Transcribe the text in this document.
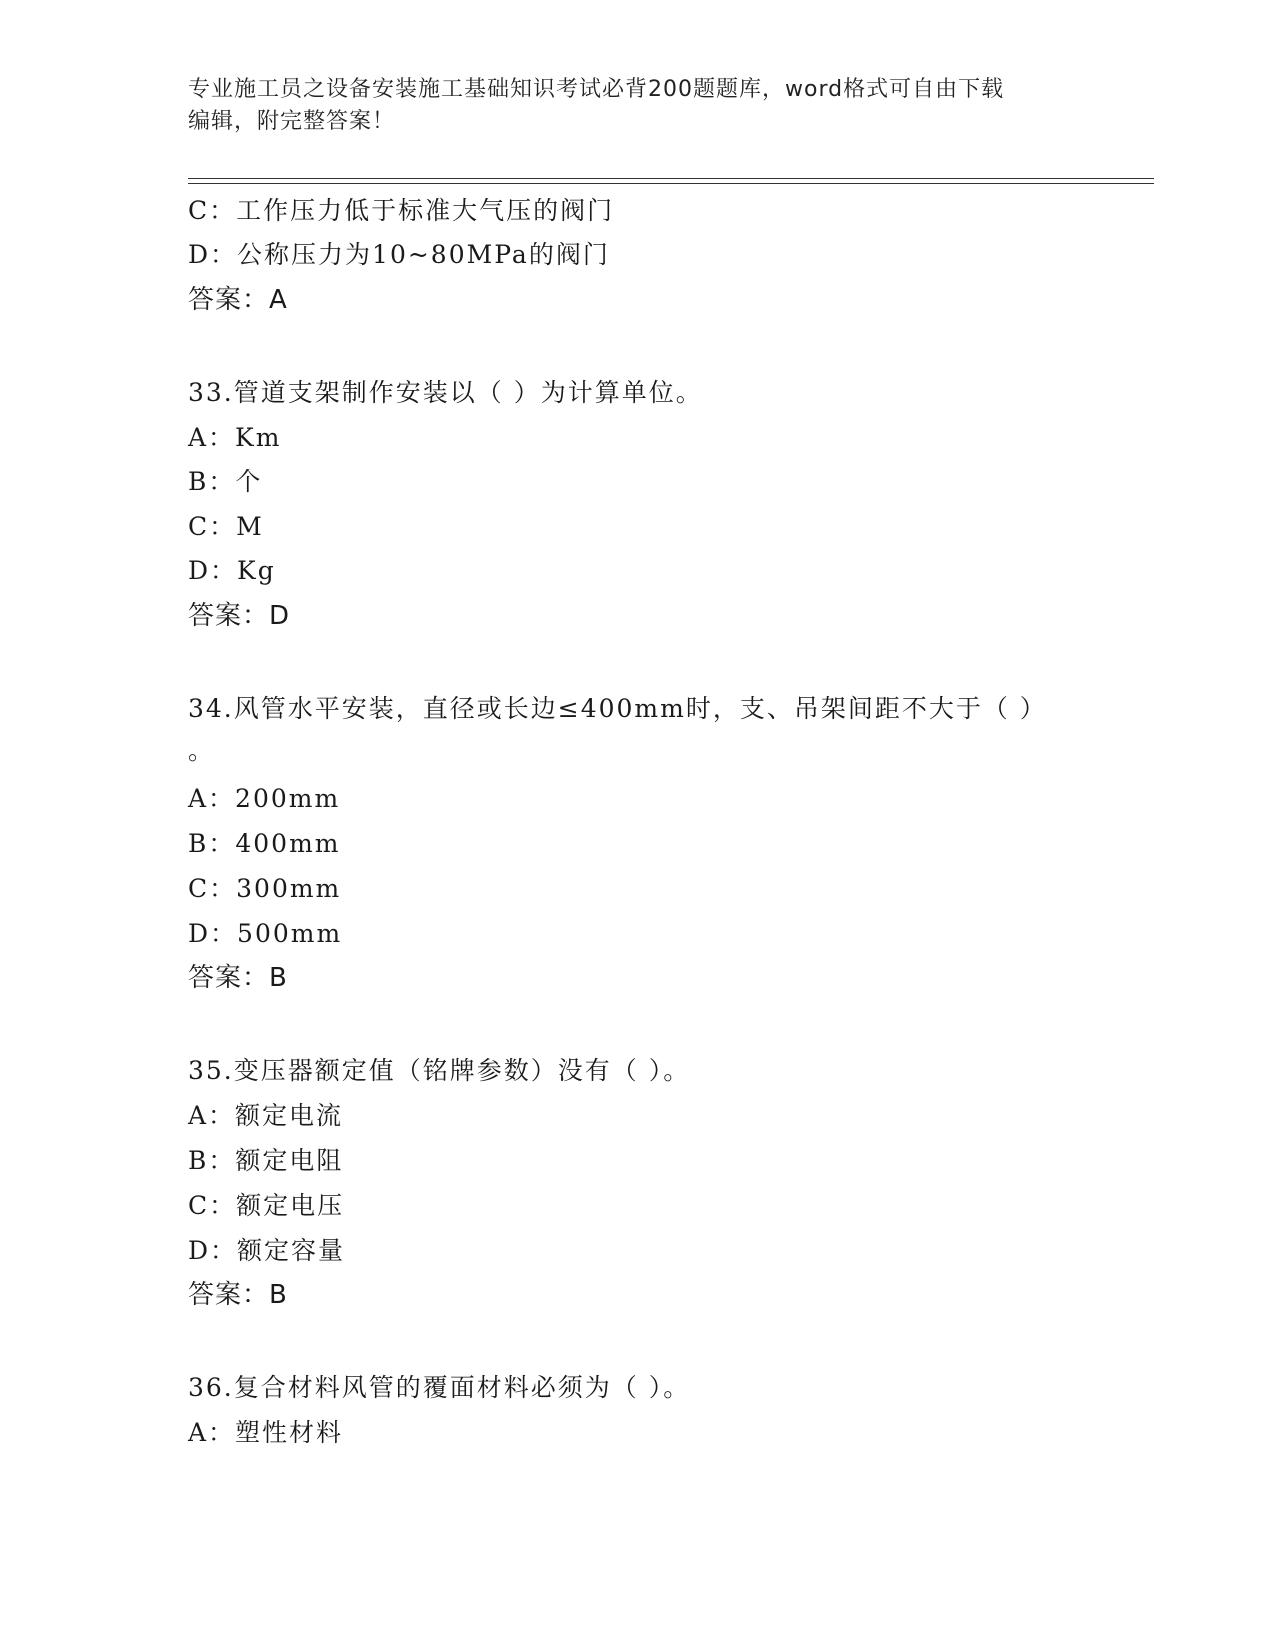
专业施工员之设备安装施工基础知识考试必背200题题库，word格式可自由下载
编辑，附完整答案！
C：工作压力低于标准大气压的阀门
D：公称压力为10~80MPa的阀门
答案：A
33.管道支架制作安装以（ ）为计算单位。
A：Km
B：个
C：M
D：Kg
答案：D
34.风管水平安装，直径或长边≤400mm时，支、吊架间距不大于（ ）
。
A：200mm
B：400mm
C：300mm
D：500mm
答案：B
35.变压器额定值（铭牌参数）没有（ ）。
A：额定电流
B：额定电阻
C：额定电压
D：额定容量
答案：B
36.复合材料风管的覆面材料必须为（ ）。
A：塑性材料
